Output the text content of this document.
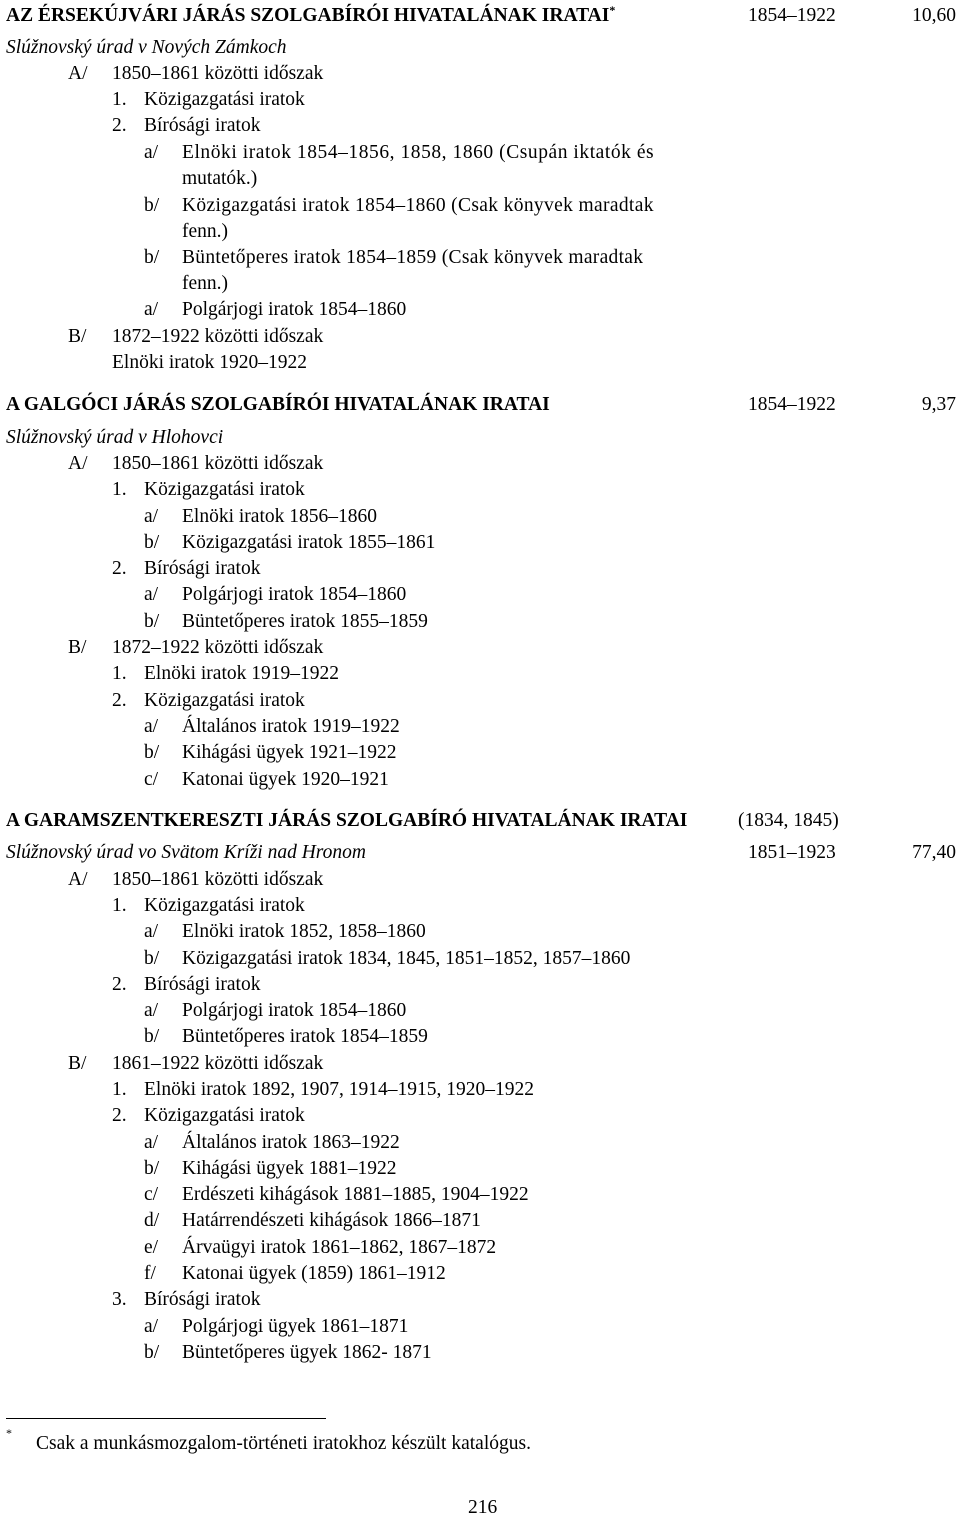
AZ ÉRSEKÚJVÁRI JÁRÁS SZOLGABÍRÓI HIVATALÁNAK IRATAI*	1854–1922	10,60
Slúžnovský úrad v Nových Zámkoch
A/ 1850–1861 közötti időszak
1. Közigazgatási iratok
2. Bírósági iratok
a/ Elnöki iratok 1854–1856, 1858, 1860 (Csupán iktatók és
mutatók.)
b/ Közigazgatási iratok 1854–1860 (Csak könyvek maradtak
fenn.)
b/ Büntetőperes iratok 1854–1859 (Csak könyvek maradtak
fenn.)
a/ Polgárjogi iratok 1854–1860
B/ 1872–1922 közötti időszak
Elnöki iratok 1920–1922
A GALGÓCI JÁRÁS SZOLGABÍRÓI HIVATALÁNAK IRATAI	1854–1922	9,37
Slúžnovský úrad v Hlohovci
A/ 1850–1861 közötti időszak
1. Közigazgatási iratok
a/ Elnöki iratok 1856–1860
b/ Közigazgatási iratok 1855–1861
2. Bírósági iratok
a/ Polgárjogi iratok 1854–1860
b/ Büntetőperes iratok 1855–1859
B/ 1872–1922 közötti időszak
1. Elnöki iratok 1919–1922
2. Közigazgatási iratok
a/ Általános iratok 1919–1922
b/ Kihágási ügyek 1921–1922
c/ Katonai ügyek 1920–1921
A GARAMSZENTKERESZTI JÁRÁS SZOLGABÍRÓ HIVATALÁNAK IRATAI	(1834, 1845)
Slúžnovský úrad vo Svätom Kríži nad Hronom	1851–1923	77,40
A/ 1850–1861 közötti időszak
1. Közigazgatási iratok
a/ Elnöki iratok 1852, 1858–1860
b/ Közigazgatási iratok 1834, 1845, 1851–1852, 1857–1860
2. Bírósági iratok
a/ Polgárjogi iratok 1854–1860
b/ Büntetőperes iratok 1854–1859
B/ 1861–1922 közötti időszak
1. Elnöki iratok 1892, 1907, 1914–1915, 1920–1922
2. Közigazgatási iratok
a/ Általános iratok 1863–1922
b/ Kihágási ügyek 1881–1922
c/ Erdészeti kihágások 1881–1885, 1904–1922
d/ Határrendészeti kihágások 1866–1871
e/ Árvaügyi iratok 1861–1862, 1867–1872
f/ Katonai ügyek (1859) 1861–1912
3. Bírósági iratok
a/ Polgárjogi ügyek 1861–1871
b/ Büntetőperes ügyek 1862- 1871
* Csak a munkásmozgalom-történeti iratokhoz készült katalógus.
216
